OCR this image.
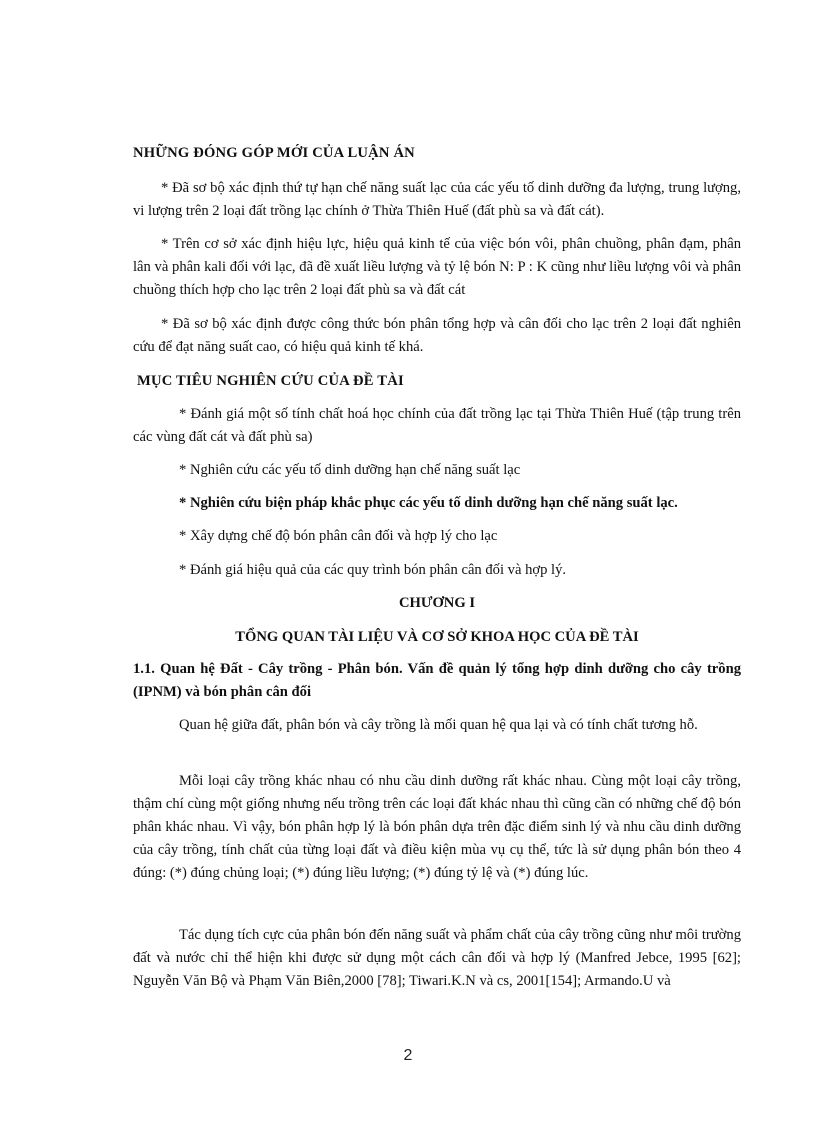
NHỮNG ĐÓNG GÓP MỚI CỦA LUẬN ÁN
* Đã sơ bộ xác định thứ tự hạn chế năng suất lạc của các yếu tố dinh dưỡng đa lượng, trung lượng, vi lượng trên 2 loại đất trồng lạc chính ở Thừa Thiên Huế (đất phù sa và đất cát).
* Trên cơ sở xác định hiệu lực, hiệu quả kinh tế của việc bón vôi, phân chuồng, phân đạm, phân lân và phân kali đối với lạc, đã đề xuất liều lượng và tỷ lệ bón N: P : K cũng như liều lượng vôi và phân chuồng thích hợp cho lạc trên 2 loại đất phù sa và đất cát
* Đã sơ bộ xác định được công thức bón phân tổng hợp và cân đối cho lạc trên 2 loại đất nghiên cứu để đạt năng suất cao, có hiệu quả kinh tế khá.
MỤC TIÊU NGHIÊN CỨU CỦA ĐỀ TÀI
* Đánh giá một số tính chất hoá học chính của đất trồng lạc tại Thừa Thiên Huế (tập trung trên các vùng đất cát và đất phù sa)
* Nghiên cứu các yếu tố dinh dưỡng hạn chế năng suất lạc
* Nghiên cứu biện pháp khắc phục các yếu tố dinh dưỡng hạn chế năng suất lạc.
* Xây dựng chế độ bón phân cân đối và hợp lý cho lạc
* Đánh giá hiệu quả của các quy trình bón phân cân đối và hợp lý.
CHƯƠNG I
TỔNG QUAN TÀI LIỆU VÀ CƠ SỞ KHOA HỌC CỦA ĐỀ TÀI
1.1. Quan hệ Đất - Cây trồng - Phân bón. Vấn đề quản lý tổng hợp dinh dưỡng cho cây trồng (IPNM) và bón phân cân đối
Quan hệ giữa đất, phân bón và cây trồng là mối quan hệ qua lại và có tính chất tương hỗ.
Mỗi loại cây trồng khác nhau có nhu cầu dinh dưỡng rất khác nhau. Cùng một loại cây trồng, thậm chí cùng một giống nhưng nếu trồng trên các loại đất khác nhau thì cũng cần có những chế độ bón phân khác nhau. Vì vậy, bón phân hợp lý là bón phân dựa trên đặc điểm sinh lý và nhu cầu dinh dưỡng của cây trồng, tính chất của từng loại đất và điều kiện mùa vụ cụ thể, tức là sử dụng phân bón theo 4 đúng: (*) đúng chủng loại; (*) đúng liều lượng; (*) đúng tỷ lệ và (*) đúng lúc.
Tác dụng tích cực của phân bón đến năng suất và phẩm chất của cây trồng cũng như môi trường đất và nước chỉ thể hiện khi được sử dụng một cách cân đối và hợp lý (Manfred Jebce, 1995 [62]; Nguyễn Văn Bộ và Phạm Văn Biên,2000 [78]; Tiwari.K.N và cs, 2001[154]; Armando.U và
2
